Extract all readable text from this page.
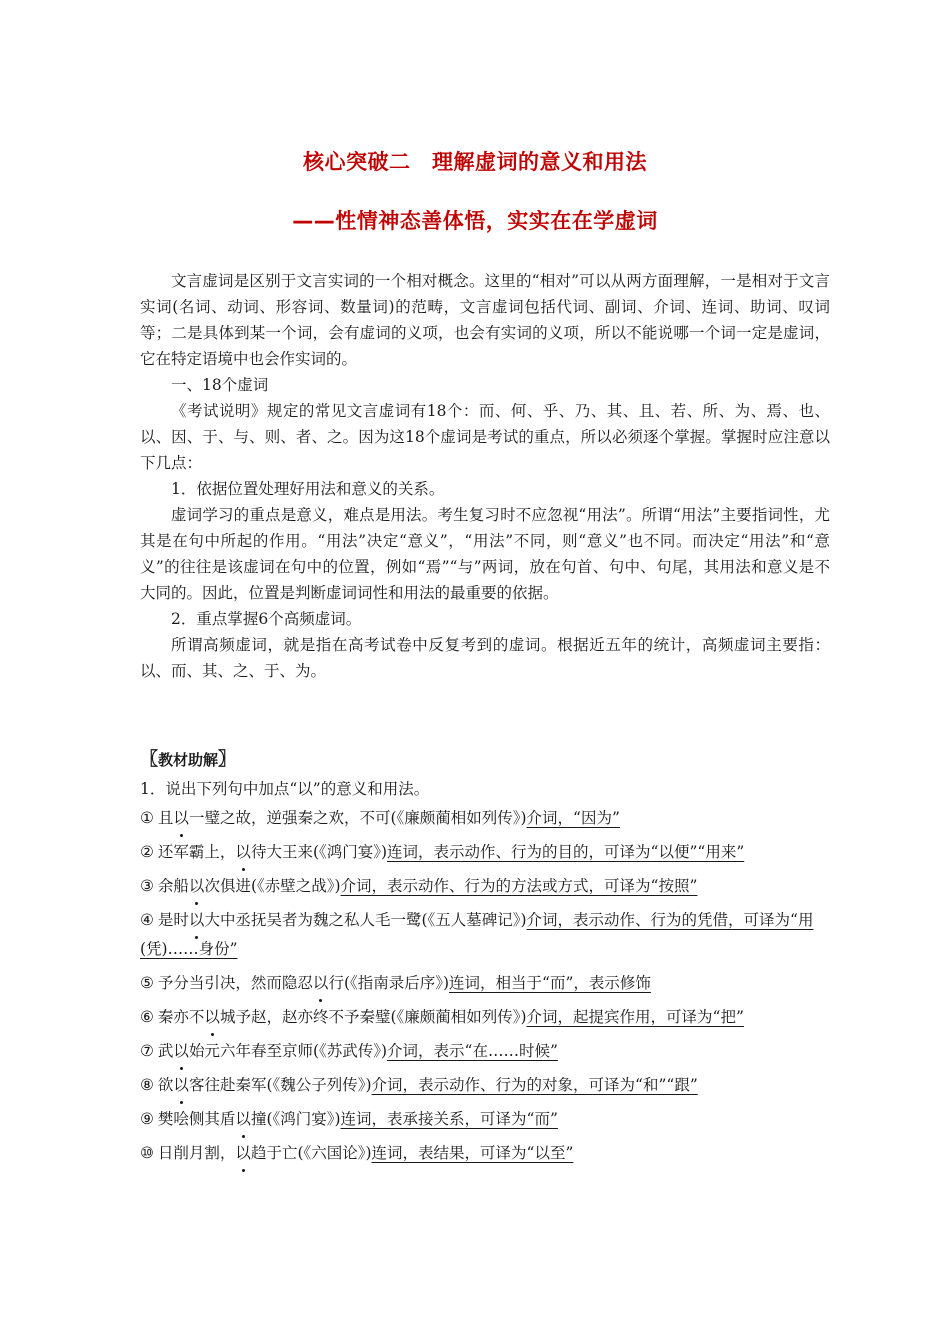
核心突破二　理解虚词的意义和用法
——性情神态善体悟，实实在在学虚词

文言虚词是区别于文言实词的一个相对概念。这里的“相对”可以从两方面理解，一是相对于文言实词(名词、动词、形容词、数量词)的范畴，文言虚词包括代词、副词、介词、连词、助词、叹词等；二是具体到某一个词，会有虚词的义项，也会有实词的义项，所以不能说哪一个词一定是虚词，它在特定语境中也会作实词的。

一、18个虚词

《考试说明》规定的常见文言虚词有18个：而、何、乎、乃、其、且、若、所、为、焉、也、以、因、于、与、则、者、之。因为这18个虚词是考试的重点，所以必须逐个掌握。掌握时应注意以下几点：

1．依据位置处理好用法和意义的关系。

虚词学习的重点是意义，难点是用法。考生复习时不应忽视“用法”。所谓“用法”主要指词性，尤其是在句中所起的作用。“用法”决定“意义”，“用法”不同，则“意义”也不同。而决定“用法”和“意义”的往往是该虚词在句中的位置，例如“焉”“与”两词，放在句首、句中、句尾，其用法和意义是不大同的。因此，位置是判断虚词词性和用法的最重要的依据。

2．重点掌握6个高频虚词。

所谓高频虚词，就是指在高考试卷中反复考到的虚词。根据近五年的统计，高频虚词主要指：以、而、其、之、于、为。

〖教材助解〗
1．说出下列句中加点“以”的意义和用法。
① 且以一璧之故，逆强秦之欢，不可(《廉颇蔺相如列传》)介词，“因为”
② 还军霸上，以待大王来(《鸿门宴》)连词，表示动作、行为的目的，可译为“以便”“用来”
③ 余船以次俱进(《赤壁之战》)介词，表示动作、行为的方法或方式，可译为“按照”
④ 是时以大中丞抚吴者为魏之私人毛一鹭(《五人墓碑记》)介词，表示动作、行为的凭借，可译为“用(凭)……身份”
⑤ 予分当引决，然而隐忍以行(《指南录后序》)连词，相当于“而”，表示修饰
⑥ 秦亦不以城予赵，赵亦终不予秦璧(《廉颇蔺相如列传》)介词，起提宾作用，可译为“把”
⑦ 武以始元六年春至京师(《苏武传》)介词，表示“在……时候”
⑧ 欲以客往赴秦军(《魏公子列传》)介词，表示动作、行为的对象，可译为“和”“跟”
⑨ 樊哙侧其盾以撞(《鸿门宴》)连词，表承接关系，可译为“而”
⑩ 日削月割，以趋于亡(《六国论》)连词，表结果，可译为“以至”
